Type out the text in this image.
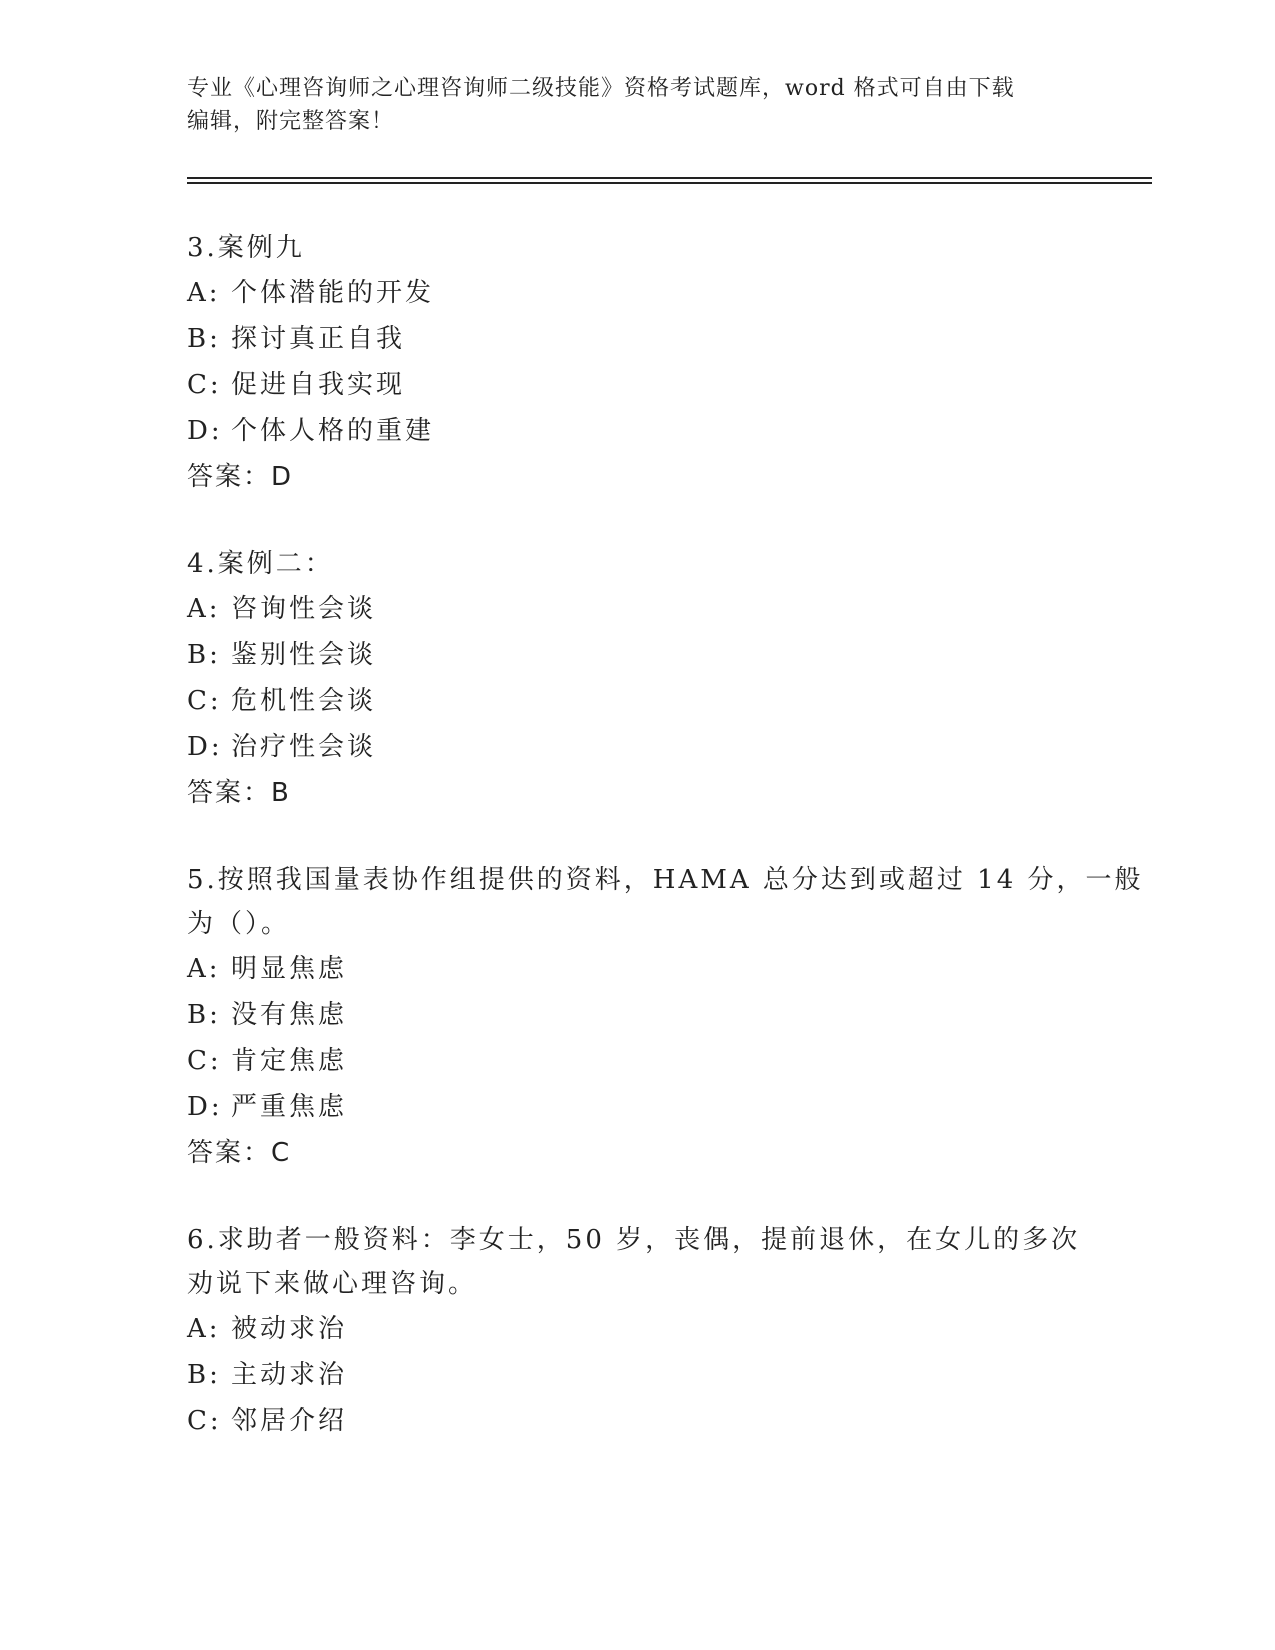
专业《心理咨询师之心理咨询师二级技能》资格考试题库，word 格式可自由下载
编辑，附完整答案！
3.案例九
A: 个体潜能的开发
B: 探讨真正自我
C: 促进自我实现
D: 个体人格的重建
答案：D
4.案例二：
A: 咨询性会谈
B: 鉴别性会谈
C: 危机性会谈
D: 治疗性会谈
答案：B
5.按照我国量表协作组提供的资料，HAMA 总分达到或超过 14 分，一般
为（）。
A: 明显焦虑
B: 没有焦虑
C: 肯定焦虑
D: 严重焦虑
答案：C
6.求助者一般资料：李女士，50 岁，丧偶，提前退休，在女儿的多次
劝说下来做心理咨询。
A: 被动求治
B: 主动求治
C: 邻居介绍
